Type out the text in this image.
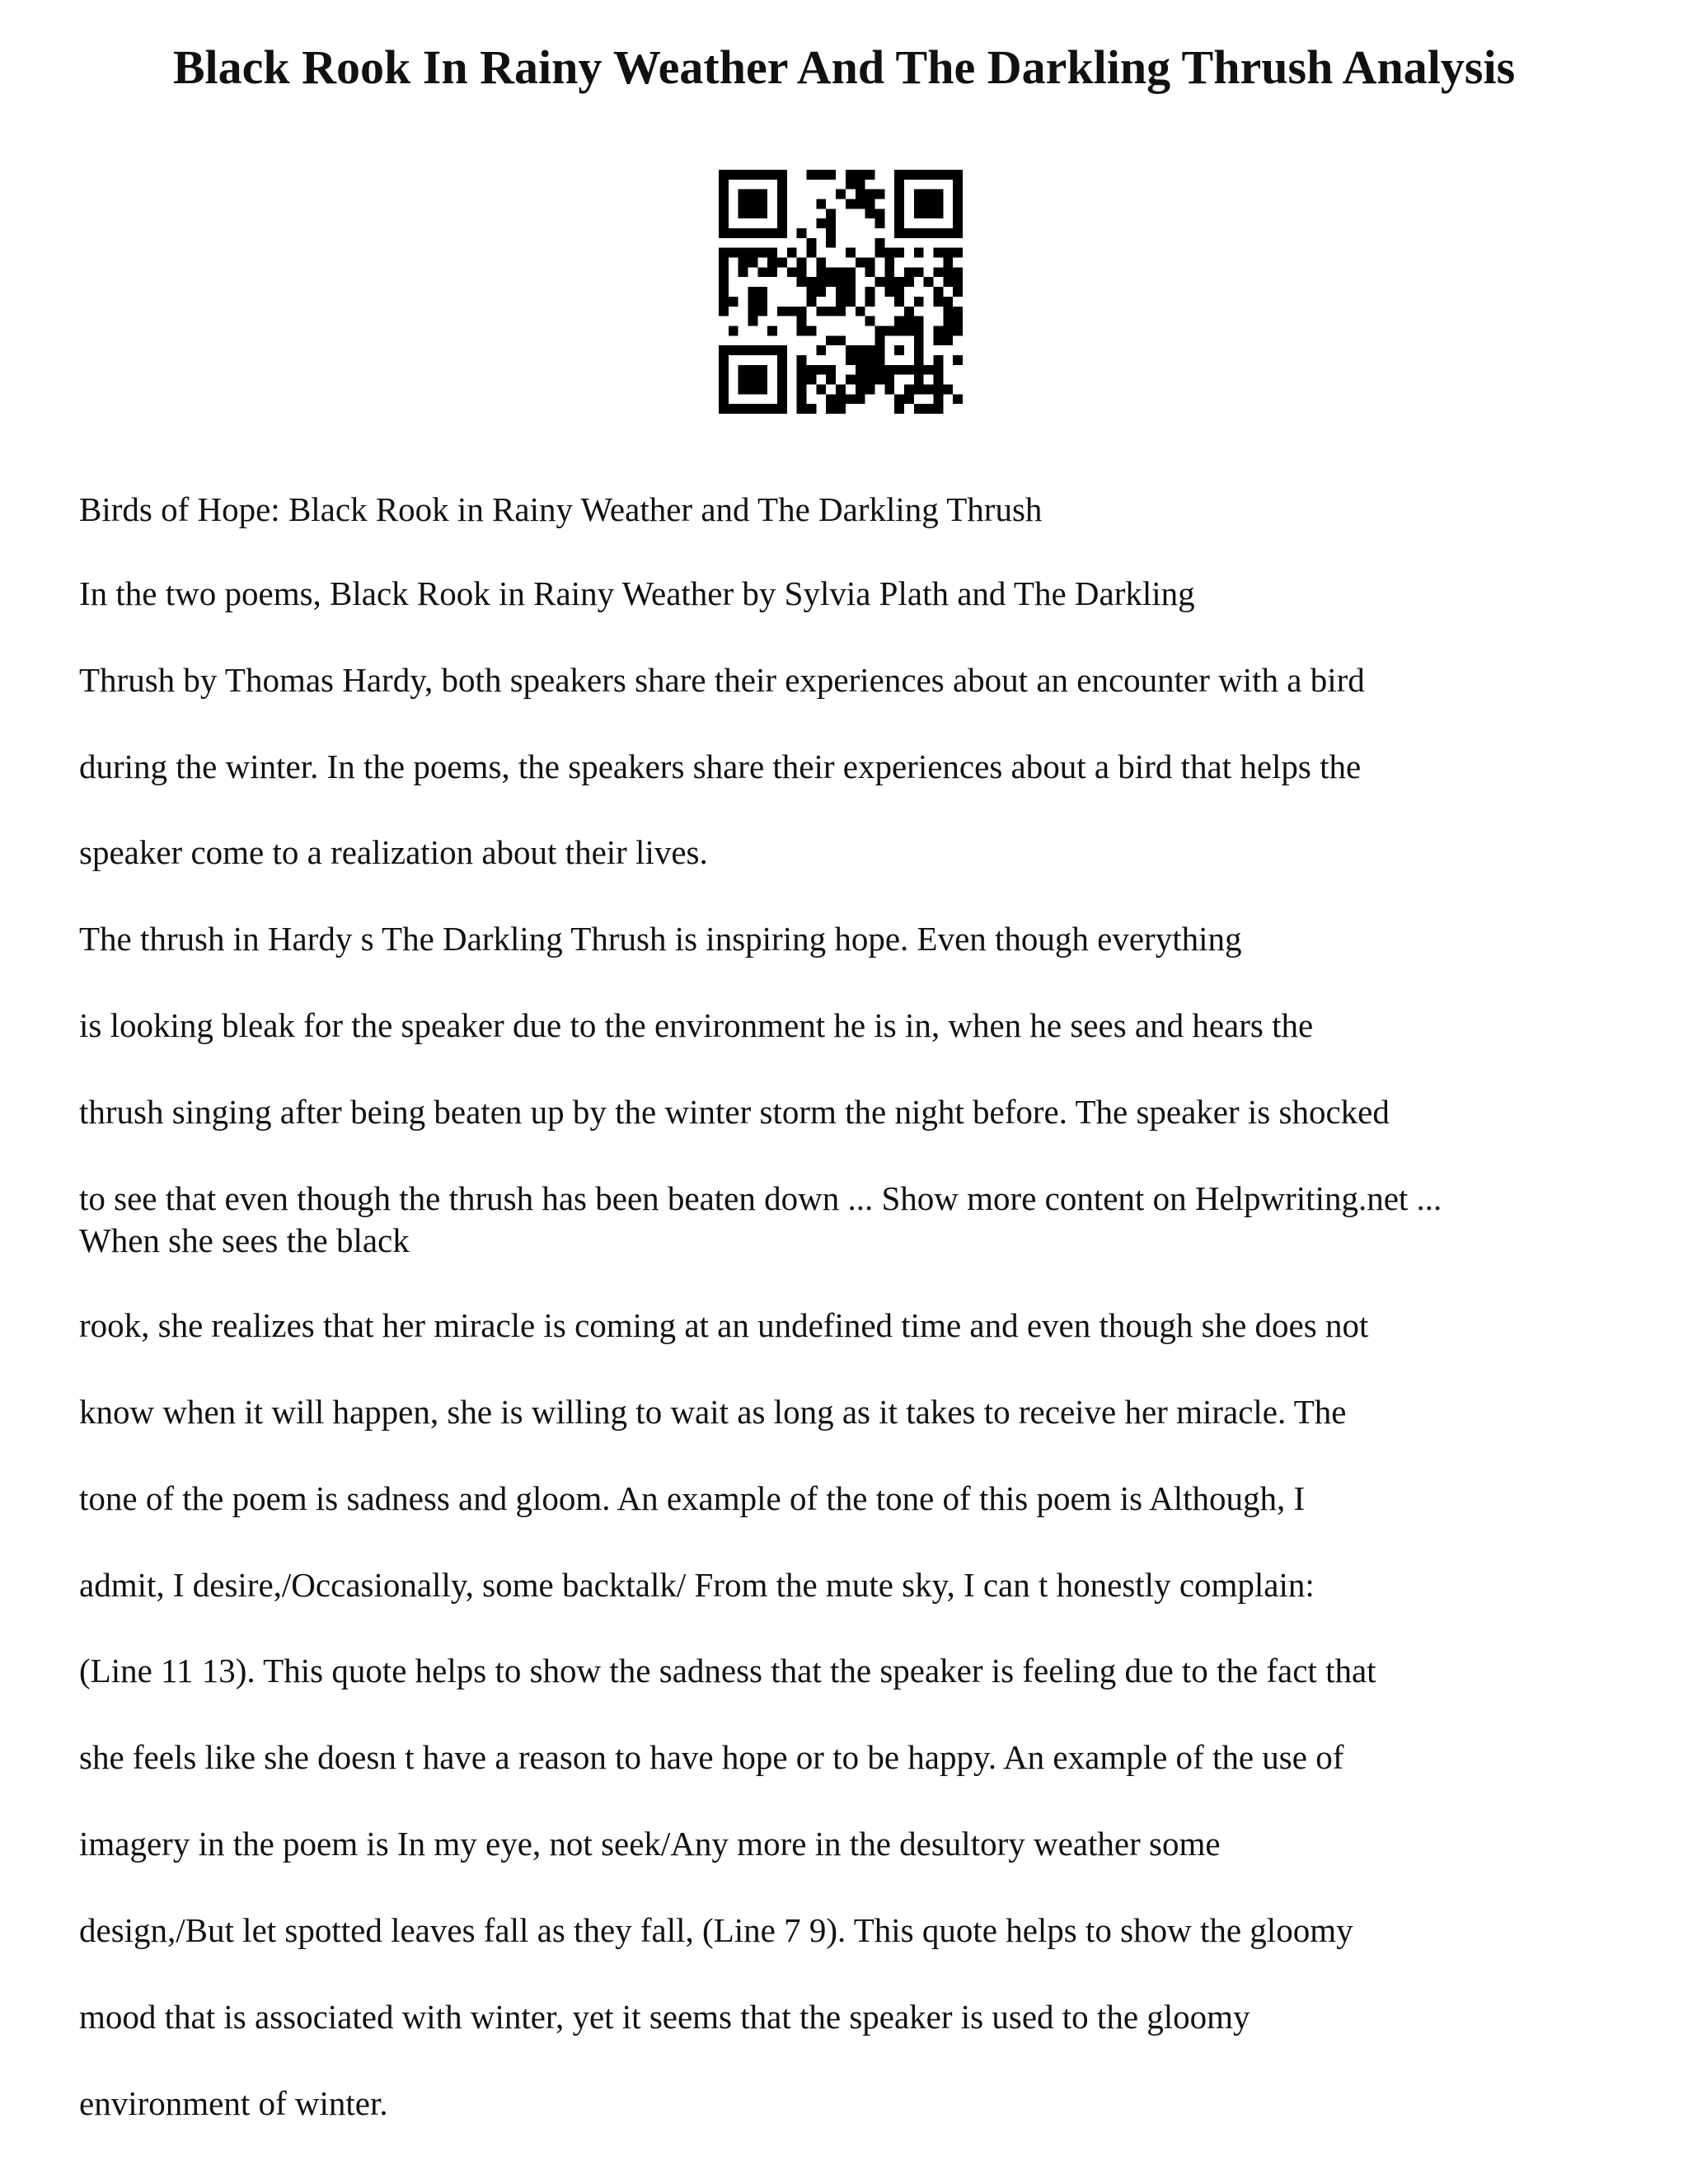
Black Rook In Rainy Weather And The Darkling Thrush Analysis

Birds of Hope: Black Rook in Rainy Weather and The Darkling Thrush

In the two poems, Black Rook in Rainy Weather by Sylvia Plath and The Darkling

Thrush by Thomas Hardy, both speakers share their experiences about an encounter with a bird

during the winter. In the poems, the speakers share their experiences about a bird that helps the

speaker come to a realization about their lives.

The thrush in Hardy s The Darkling Thrush is inspiring hope. Even though everything

is looking bleak for the speaker due to the environment he is in, when he sees and hears the

thrush singing after being beaten up by the winter storm the night before. The speaker is shocked

to see that even though the thrush has been beaten down ... Show more content on Helpwriting.net ...

When she sees the black

rook, she realizes that her miracle is coming at an undefined time and even though she does not

know when it will happen, she is willing to wait as long as it takes to receive her miracle. The

tone of the poem is sadness and gloom. An example of the tone of this poem is Although, I

admit, I desire,/Occasionally, some backtalk/ From the mute sky, I can t honestly complain:

(Line 11 13). This quote helps to show the sadness that the speaker is feeling due to the fact that

she feels like she doesn t have a reason to have hope or to be happy. An example of the use of

imagery in the poem is In my eye, not seek/Any more in the desultory weather some

design,/But let spotted leaves fall as they fall, (Line 7 9). This quote helps to show the gloomy

mood that is associated with winter, yet it seems that the speaker is used to the gloomy

environment of winter.
